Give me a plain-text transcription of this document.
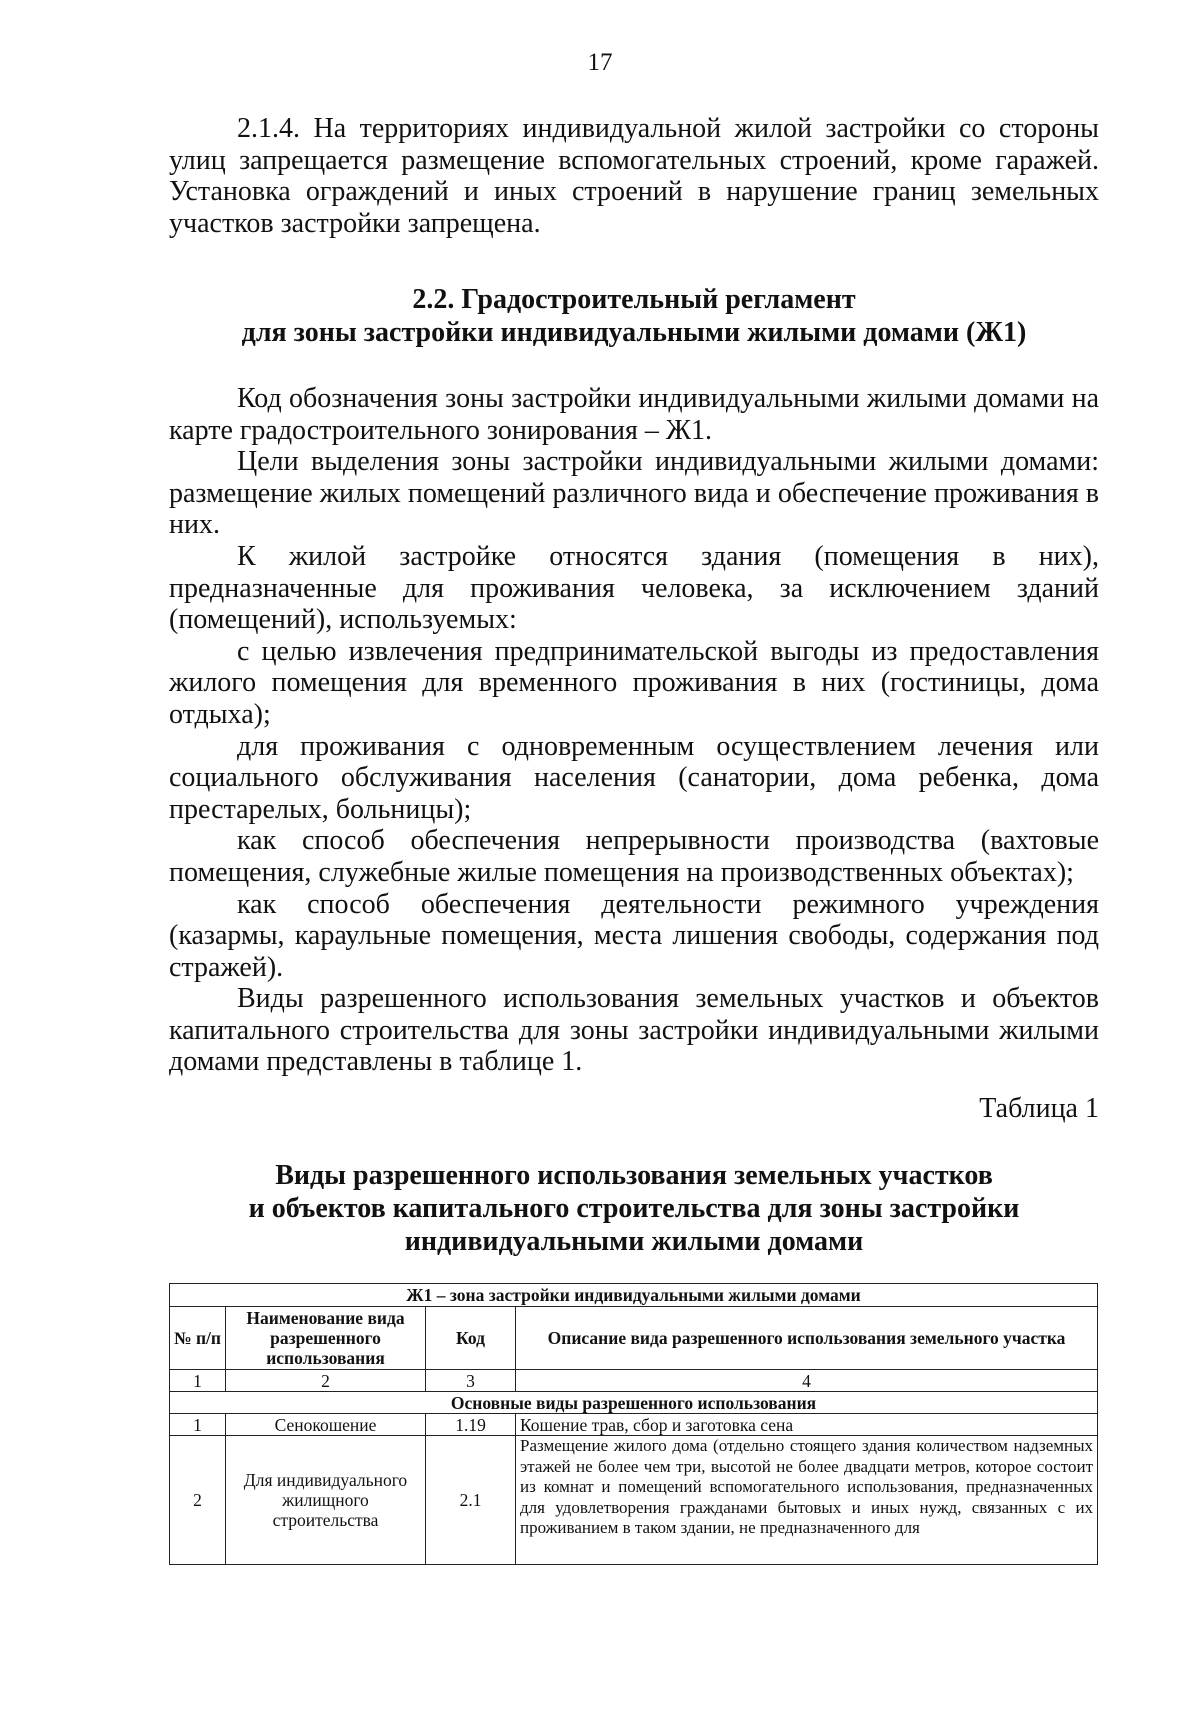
17

2.1.4. На территориях индивидуальной жилой застройки со стороны улиц запрещается размещение вспомогательных строений, кроме гаражей. Установка ограждений и иных строений в нарушение границ земельных участков застройки запрещена.

2.2. Градостроительный регламент
для зоны застройки индивидуальными жилыми домами (Ж1)

Код обозначения зоны застройки индивидуальными жилыми домами на карте градостроительного зонирования – Ж1.

Цели выделения зоны застройки индивидуальными жилыми домами: размещение жилых помещений различного вида и обеспечение проживания в них.

К жилой застройке относятся здания (помещения в них), предназначенные для проживания человека, за исключением зданий (помещений), используемых:

с целью извлечения предпринимательской выгоды из предоставления жилого помещения для временного проживания в них (гостиницы, дома отдыха);

для проживания с одновременным осуществлением лечения или социального обслуживания населения (санатории, дома ребенка, дома престарелых, больницы);

как способ обеспечения непрерывности производства (вахтовые помещения, служебные жилые помещения на производственных объектах);

как способ обеспечения деятельности режимного учреждения (казармы, караульные помещения, места лишения свободы, содержания под стражей).

Виды разрешенного использования земельных участков и объектов капитального строительства для зоны застройки индивидуальными жилыми домами представлены в таблице 1.

Таблица 1
Виды разрешенного использования земельных участков
и объектов капитального строительства для зоны застройки
индивидуальными жилыми домами
Ж1 – зона застройки индивидуальными жилыми домами			
№ п/п	Наименование вида разрешенного использования	Код	Описание вида разрешенного использования земельного участка
1	2	3	4
Основные виды разрешенного использования			
1	Сенокошение	1.19	Кошение трав, сбор и заготовка сена
2	Для индивидуального жилищного строительства	2.1	Размещение жилого дома (отдельно стоящего здания количеством надземных этажей не более чем три, высотой не более двадцати метров, которое состоит из комнат и помещений вспомогательного использования, предназначенных для удовлетворения гражданами бытовых и иных нужд, связанных с их проживанием в таком здании, не предназначенного для
